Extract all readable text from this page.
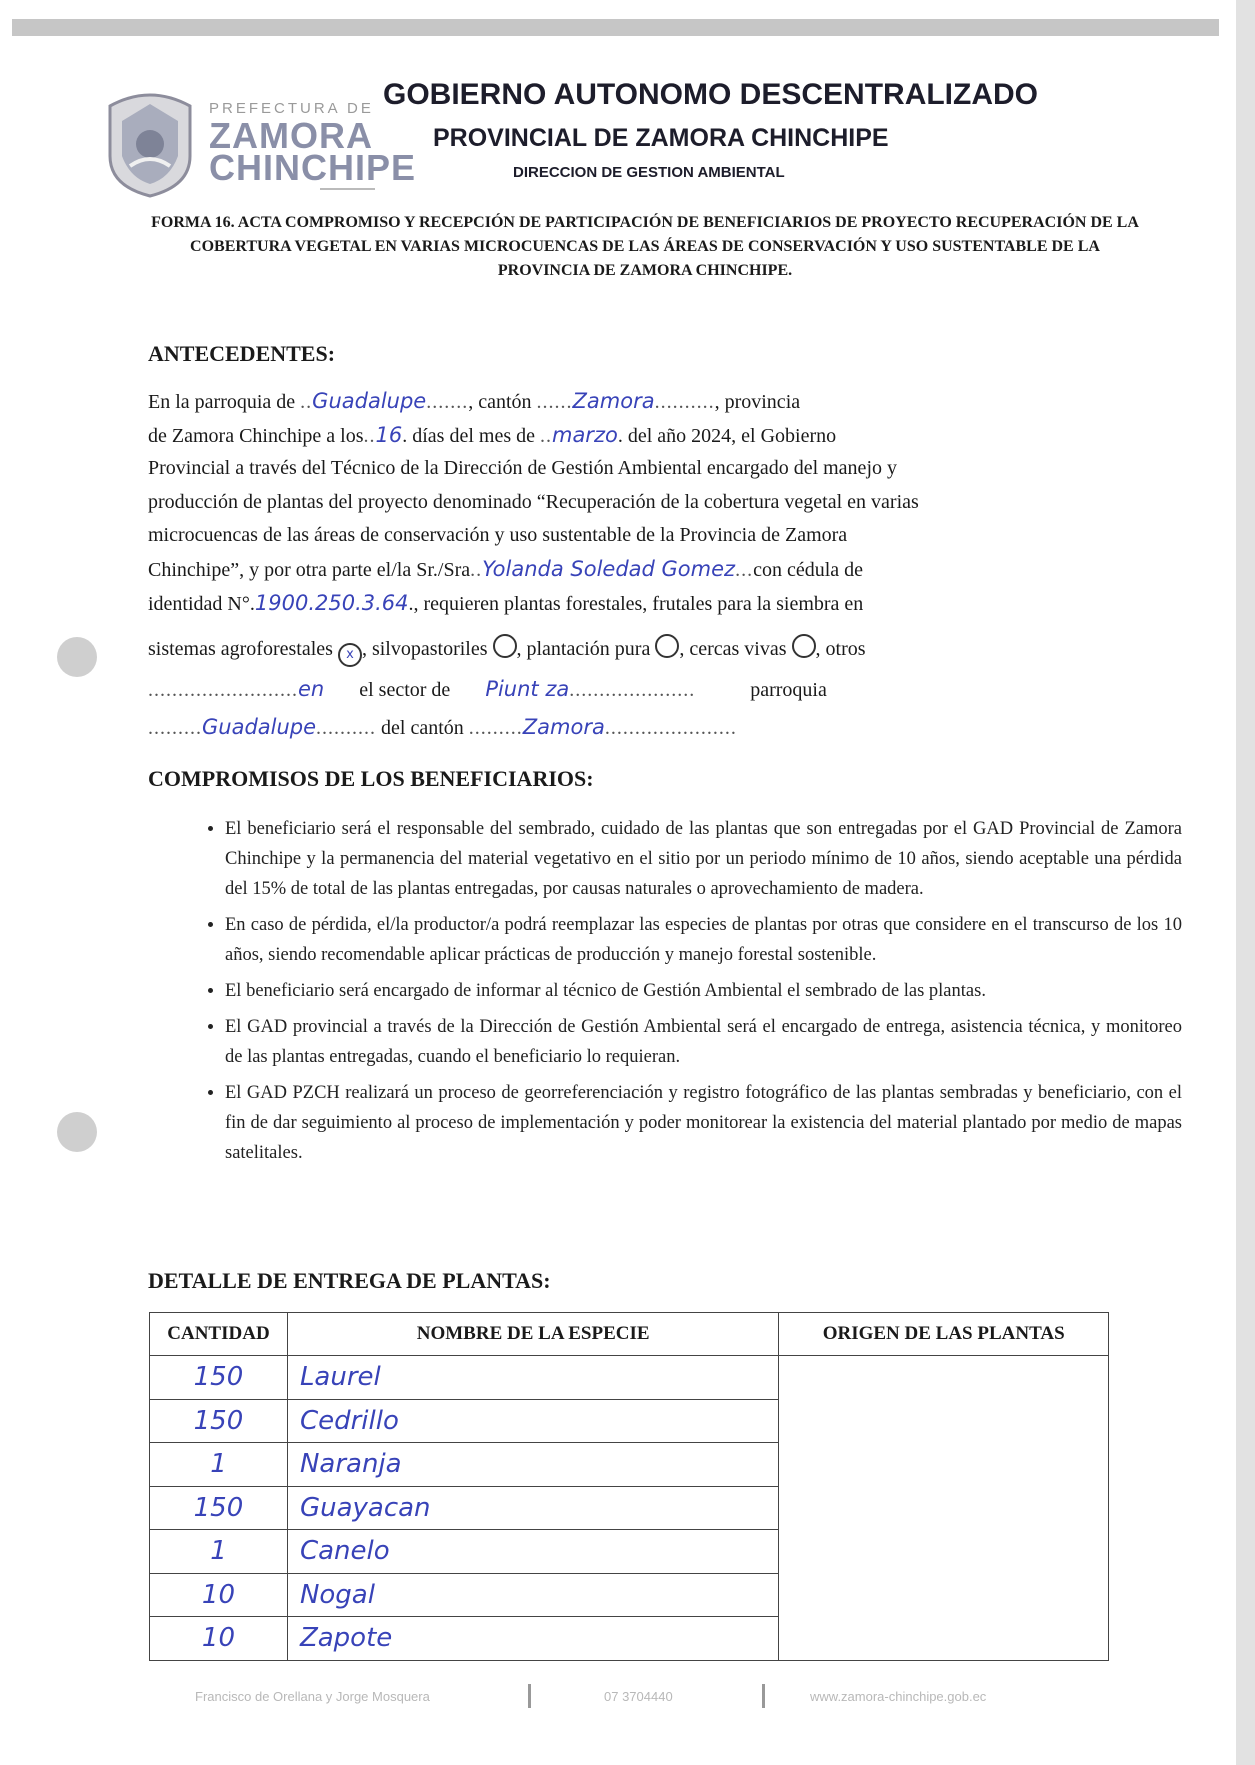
PREFECTURA DE
ZAMORA
CHINCHIPE
GOBIERNO AUTONOMO DESCENTRALIZADO
PROVINCIAL DE ZAMORA CHINCHIPE
DIRECCION DE GESTION AMBIENTAL
FORMA 16. ACTA COMPROMISO Y RECEPCIÓN DE PARTICIPACIÓN DE BENEFICIARIOS DE PROYECTO RECUPERACIÓN DE LA COBERTURA VEGETAL EN VARIAS MICROCUENCAS DE LAS ÁREAS DE CONSERVACIÓN Y USO SUSTENTABLE DE LA PROVINCIA DE ZAMORA CHINCHIPE.
ANTECEDENTES:
En la parroquia de ..Guadalupe......., cantón ......Zamora.........., provincia
de Zamora Chinchipe a los..16. días del mes de ..marzo. del año 2024, el Gobierno
Provincial a través del Técnico de la Dirección de Gestión Ambiental encargado del manejo y
producción de plantas del proyecto denominado “Recuperación de la cobertura vegetal en varias
microcuencas de las áreas de conservación y uso sustentable de la Provincia de Zamora
Chinchipe”, y por otra parte el/la Sr./Sra..Yolanda Soledad Gomez...con cédula de
identidad N°.1900.250.3.64., requieren plantas forestales, frutales para la siembra en
sistemas agroforestales x , silvopastoriles , plantación pura , cercas vivas , otros
.........................en el sector de Piunt za.....................	parroquia
.........Guadalupe.......... del cantón .........Zamora......................
COMPROMISOS DE LOS BENEFICIARIOS:
• El beneficiario será el responsable del sembrado, cuidado de las plantas que son entregadas por el GAD Provincial de Zamora Chinchipe y la permanencia del material vegetativo en el sitio por un periodo mínimo de 10 años, siendo aceptable una pérdida del 15% de total de las plantas entregadas, por causas naturales o aprovechamiento de madera.
• En caso de pérdida, el/la productor/a podrá reemplazar las especies de plantas por otras que considere en el transcurso de los 10 años, siendo recomendable aplicar prácticas de producción y manejo forestal sostenible.
• El beneficiario será encargado de informar al técnico de Gestión Ambiental el sembrado de las plantas.
• El GAD provincial a través de la Dirección de Gestión Ambiental será el encargado de entrega, asistencia técnica, y monitoreo de las plantas entregadas, cuando el beneficiario lo requieran.
• El GAD PZCH realizará un proceso de georreferenciación y registro fotográfico de las plantas sembradas y beneficiario, con el fin de dar seguimiento al proceso de implementación y poder monitorear la existencia del material plantado por medio de mapas satelitales.
DETALLE DE ENTREGA DE PLANTAS:
CANTIDAD	NOMBRE DE LA ESPECIE	ORIGEN DE LAS PLANTAS
150	Laurel	
150	Cedrillo	
1	Naranja	
150	Guayacan	
1	Canelo	
10	Nogal	
10	Zapote	
Francisco de Orellana y Jorge Mosquera	07 3704440	www.zamora-chinchipe.gob.ec
